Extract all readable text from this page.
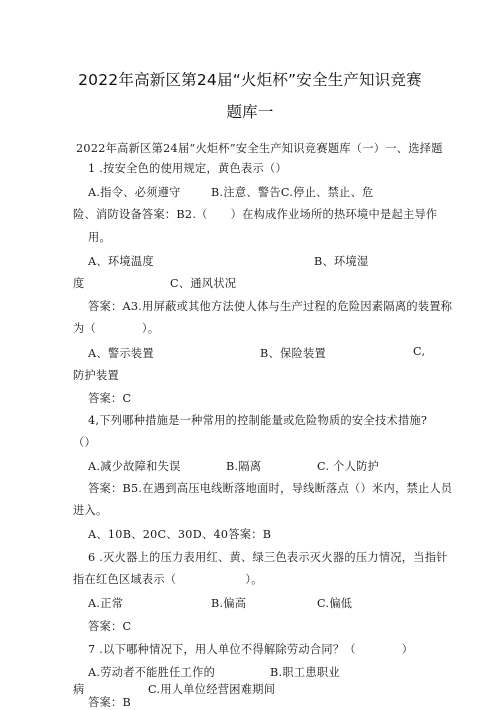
2022年高新区第24届“火炬杯”安全生产知识竞赛
题库一
2022年高新区第24届“火炬杯”安全生产知识竞赛题库（一）一、选择题
1 .按安全色的使用规定，黄色表示（）
A.指令、必须遵守	B.注意、警告C.停止、禁止、危
险、消防设备答案：B2.（　　）在构成作业场所的热环境中是起主导作
用。
A、环境温度	B、环境湿
度	C、通风状况
答案：A3.用屏蔽或其他方法使人体与生产过程的危险因素隔离的装置称
为（　　　　）。
A、警示装置	B、保险装置	C,
防护装置
答案：C
4,下列哪种措施是一种常用的控制能量或危险物质的安全技术措施?
（）
A.减少故障和失误	B.隔离	C. 个人防护
答案：B5.在遇到高压电线断落地面时，导线断落点（）米内，禁止人员
进入。
A、10B、20C、30D、40答案：B
6 .灭火器上的压力表用红、黄、绿三色表示灭火器的压力情况，当指针
指在红色区域表示（　　　　　　）。
A.正常	B.偏高	C.偏低
答案：C
7 .以下哪种情况下，用人单位不得解除劳动合同？（　　　　）
A.劳动者不能胜任工作的	B.职工患职业
病	C.用人单位经营困难期间
答案：B
